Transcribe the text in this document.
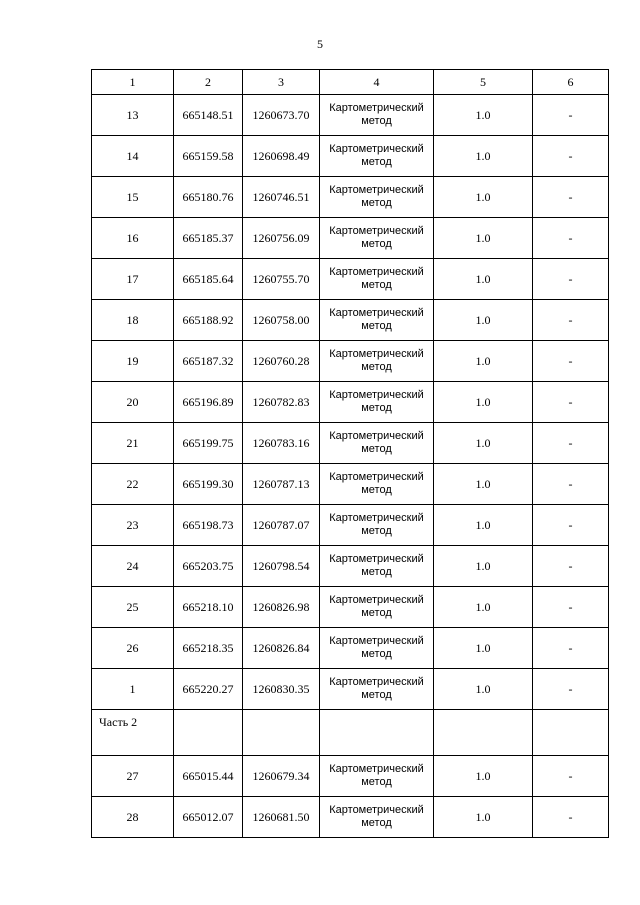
5
1	2	3	4	5	6
13	665148.51	1260673.70	Картометрический метод	1.0	-
14	665159.58	1260698.49	Картометрический метод	1.0	-
15	665180.76	1260746.51	Картометрический метод	1.0	-
16	665185.37	1260756.09	Картометрический метод	1.0	-
17	665185.64	1260755.70	Картометрический метод	1.0	-
18	665188.92	1260758.00	Картометрический метод	1.0	-
19	665187.32	1260760.28	Картометрический метод	1.0	-
20	665196.89	1260782.83	Картометрический метод	1.0	-
21	665199.75	1260783.16	Картометрический метод	1.0	-
22	665199.30	1260787.13	Картометрический метод	1.0	-
23	665198.73	1260787.07	Картометрический метод	1.0	-
24	665203.75	1260798.54	Картометрический метод	1.0	-
25	665218.10	1260826.98	Картометрический метод	1.0	-
26	665218.35	1260826.84	Картометрический метод	1.0	-
1	665220.27	1260830.35	Картометрический метод	1.0	-
Часть 2					
27	665015.44	1260679.34	Картометрический метод	1.0	-
28	665012.07	1260681.50	Картометрический метод	1.0	-
